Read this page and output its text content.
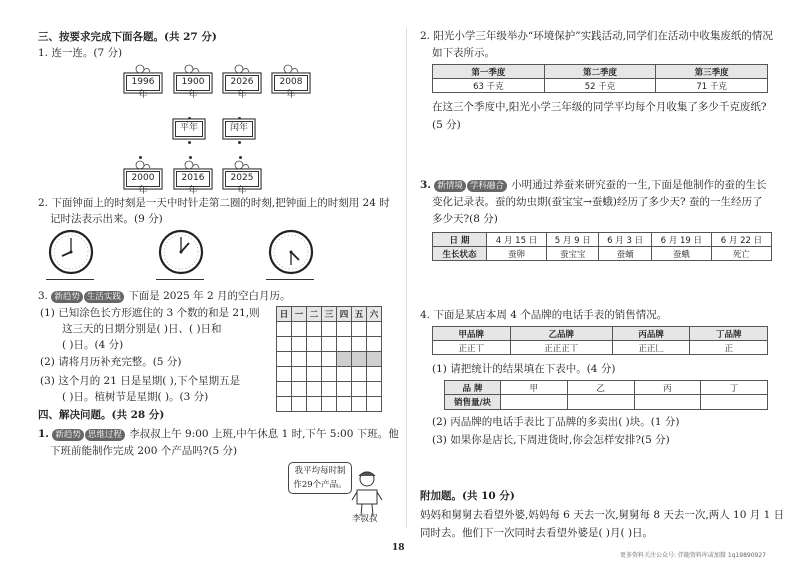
三、按要求完成下面各题。(共 27 分)
1. 连一连。(7 分)
1996 年
1900 年
2026 年
2008 年
平年	闰年
2000 年
2016 年
2025 年
2. 下面钟面上的时刻是一天中时针走第二圈的时刻,把钟面上的时刻用 24 时
记时法表示出来。(9 分)
3. 新趋势 生活实践 下面是 2025 年 2 月的空白月历。
(1) 已知涂色长方形遮住的 3 个数的和是 21,则
这三天的日期分别是( )日、( )日和
( )日。(4 分)
(2) 请将月历补充完整。(5 分)
(3) 这个月的 21 日是星期( ),下个星期五是
( )日。植树节是星期( )。(3 分)
日	一	二	三	四	五	六

四、解决问题。(共 28 分)
1. 新趋势 思维过程 李叔叔上午 9:00 上班,中午休息 1 时,下午 5:00 下班。他
下班前能制作完成 200 个产品吗?(5 分)
我平均每时制
作29个产品。
李叔叔
18
2. 阳光小学三年级举办“环境保护”实践活动,同学们在活动中收集废纸的情况
如下表所示。
第一季度	第二季度	第三季度
63 千克	52 千克	71 千克
在这三个季度中,阳光小学三年级的同学平均每个月收集了多少千克废纸?
(5 分)
3. 新情境 学科融合 小明通过养蚕来研究蚕的一生,下面是他制作的蚕的生长
变化记录表。蚕的幼虫期(蚕宝宝→蚕蛾)经历了多少天? 蚕的一生经历了
多少天?(8 分)
日 期	4 月 15 日	5 月 9 日	6 月 3 日	6 月 19 日	6 月 22 日
生长状态	蚕卵	蚕宝宝	蚕蛹	蚕蛾	死亡
4. 下面是某店本周 4 个品牌的电话手表的销售情况。
甲品牌	乙品牌	丙品牌	丁品牌
正正丅	正正正丅	正正𠃊	正
(1) 请把统计的结果填在下表中。(4 分)
品 牌	甲	乙	丙	丁
销售量/块				
(2) 丙品牌的电话手表比丁品牌的多卖出( )块。(1 分)
(3) 如果你是店长,下周进货时,你会怎样安排?(5 分)
附加题。(共 10 分)
妈妈和舅舅去看望外婆,妈妈每 6 天去一次,舅舅每 8 天去一次,两人 10 月 1 日
同时去。他们下一次同时去看望外婆是( )月( )日。
更多资料关注公众号: 伴随资料库或加微 1q19890927
